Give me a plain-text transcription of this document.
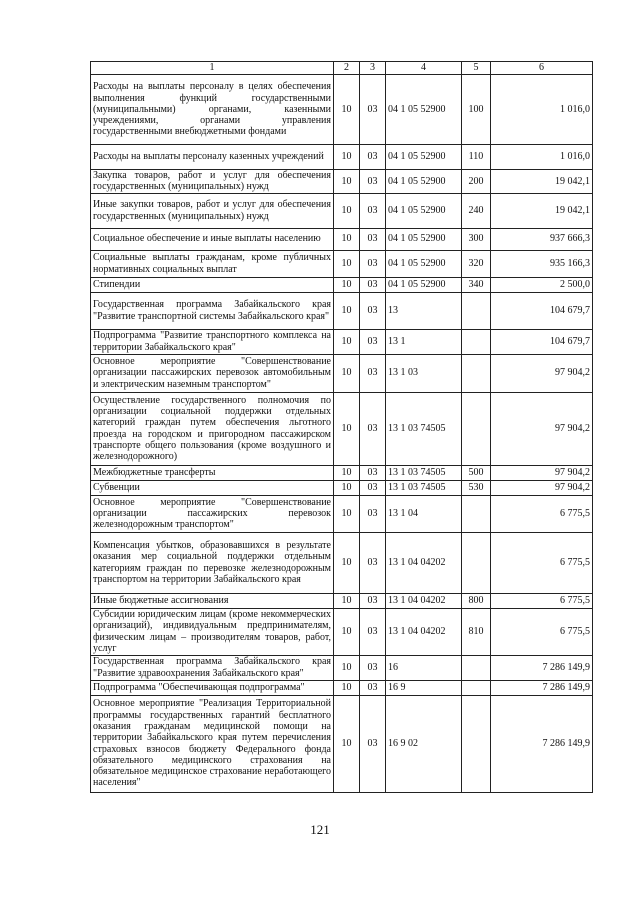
1	2	3	4	5	6
Расходы на выплаты персоналу в целях обеспечения выполнения функций государственными (муниципальными) органами, казенными учреждениями, органами управления государственными внебюджетными фондами	10	03	04 1 05 52900	100	1 016,0
Расходы на выплаты персоналу казенных учреждений	10	03	04 1 05 52900	110	1 016,0
Закупка товаров, работ и услуг для обеспечения государственных (муниципальных) нужд	10	03	04 1 05 52900	200	19 042,1
Иные закупки товаров, работ и услуг для обеспечения государственных (муниципальных) нужд	10	03	04 1 05 52900	240	19 042,1
Социальное обеспечение и иные выплаты населению	10	03	04 1 05 52900	300	937 666,3
Социальные выплаты гражданам, кроме публичных нормативных социальных выплат	10	03	04 1 05 52900	320	935 166,3
Стипендии	10	03	04 1 05 52900	340	2 500,0
Государственная программа Забайкальского края "Развитие транспортной системы Забайкальского края"	10	03	13		104 679,7
Подпрограмма "Развитие транспортного комплекса на территории Забайкальского края"	10	03	13 1		104 679,7
Основное мероприятие "Совершенствование организации пассажирских перевозок автомобильным и электрическим наземным транспортом"	10	03	13 1 03		97 904,2
Осуществление государственного полномочия по организации социальной поддержки отдельных категорий граждан путем обеспечения льготного проезда на городском и пригородном пассажирском транспорте общего пользования (кроме воздушного и железнодорожного)	10	03	13 1 03 74505		97 904,2
Межбюджетные трансферты	10	03	13 1 03 74505	500	97 904,2
Субвенции	10	03	13 1 03 74505	530	97 904,2
Основное мероприятие "Совершенствование организации пассажирских перевозок железнодорожным транспортом"	10	03	13 1 04		6 775,5
Компенсация убытков, образовавшихся в результате оказания мер социальной поддержки отдельным категориям граждан по перевозке железнодорожным транспортом на территории Забайкальского края	10	03	13 1 04 04202		6 775,5
Иные бюджетные ассигнования	10	03	13 1 04 04202	800	6 775,5
Субсидии юридическим лицам (кроме некоммерческих организаций), индивидуальным предпринимателям, физическим лицам – производителям товаров, работ, услуг	10	03	13 1 04 04202	810	6 775,5
Государственная программа Забайкальского края "Развитие здравоохранения Забайкальского края"	10	03	16		7 286 149,9
Подпрограмма "Обеспечивающая подпрограмма"	10	03	16 9		7 286 149,9
Основное мероприятие "Реализация Территориальной программы государственных гарантий бесплатного оказания гражданам медицинской помощи на территории Забайкальского края путем перечисления страховых взносов бюджету Федерального фонда обязательного медицинского страхования на обязательное медицинское страхование неработающего населения"	10	03	16 9 02		7 286 149,9
121
